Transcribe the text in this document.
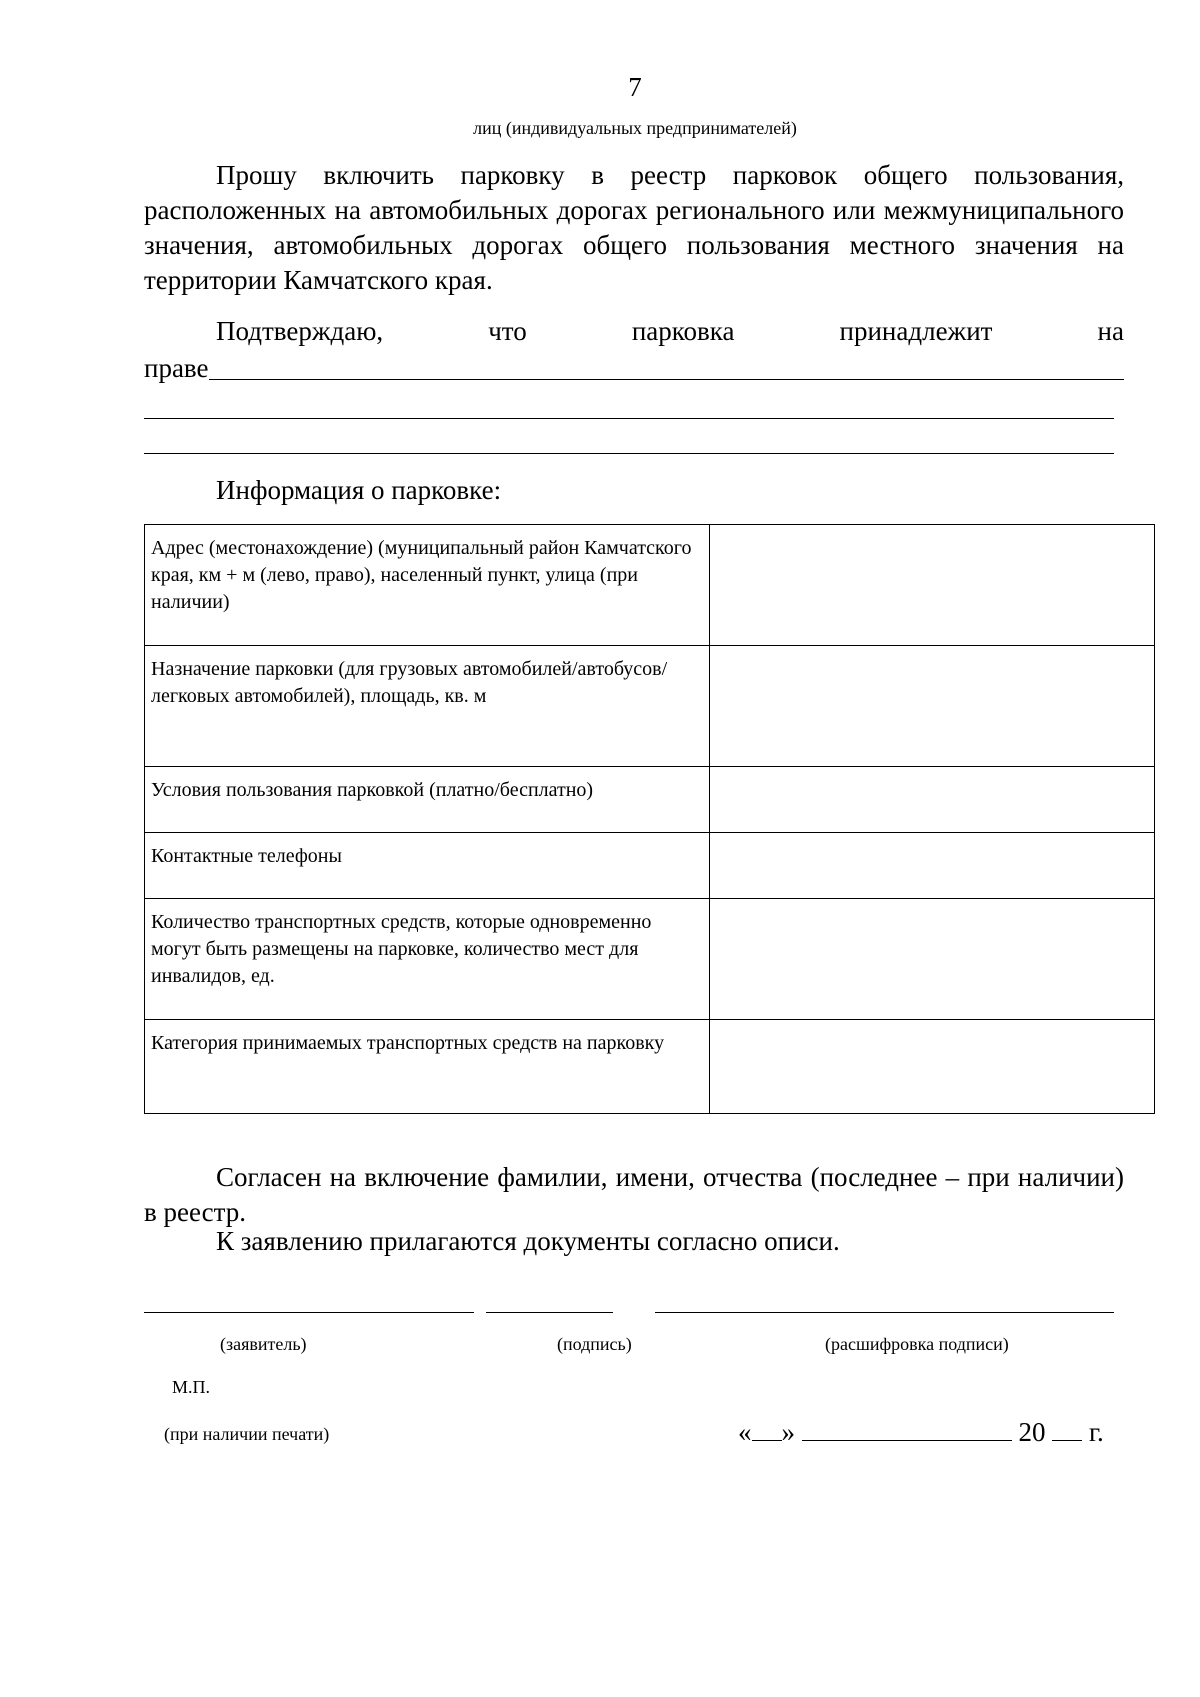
7
лиц (индивидуальных предпринимателей)
Прошу включить парковку в реестр парковок общего пользования, расположенных на автомобильных дорогах регионального или межмуниципального значения, автомобильных дорогах общего пользования местного значения на территории Камчатского края.
Подтверждаю,	что	парковка	принадлежит	на
праве
Информация о парковке:
Адрес (местонахождение) (муниципальный район Камчатского края, км + м (лево, право), населенный пункт, улица (при наличии)	
Назначение парковки (для грузовых автомобилей/автобусов/легковых автомобилей), площадь, кв. м	
Условия пользования парковкой (платно/бесплатно)	
Контактные телефоны	
Количество транспортных средств, которые одновременно могут быть размещены на парковке, количество мест для инвалидов, ед.	
Категория принимаемых транспортных средств на парковку	
Согласен на включение фамилии, имени, отчества (последнее – при наличии) в реестр.
К заявлению прилагаются документы согласно описи.
(заявитель)	(подпись)	(расшифровка подписи)
М.П.
(при наличии печати)	« »	20 г.
